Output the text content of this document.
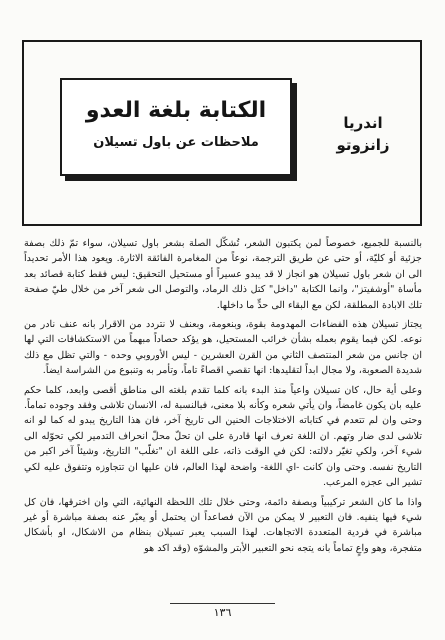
اندريا
زانزوتو
الكتابة بلغة العدو
ملاحظات عن باول تسيلان

بالنسبة للجميع، خصوصاً لمن يكتبون الشعر، تُشكّل الصلة بشعر باول تسيلان، سواء تمّ ذلك بصفة جزئية أو كليّة، أو حتى عن طريق الترجمة، نوعاً من المغامرة الفائقة الاثارة. ويعود هذا الأمر تحديداً الى ان شعر باول تسيلان هو انجاز لا قد يبدو عسيراً أو مستحيل التحقيق: ليس فقط كتابة قصائد بعد مأساة "أوشفيتز"، وانما الكتابة "داخل" كتل ذلك الرماد، والتوصل الى شعر آخر من خلال طيّ صفحة تلك الابادة المطلقة، لكن مع البقاء الى حدٍّ ما داخلها.

يجتاز تسيلان هذه الفضاءات المهدومة بقوة، وبنعومة، وبعنف لا نتردد من الاقرار بانه عنف نادر من نوعه. لكن فيما يقوم بعمله بشأن خرائب المستحيل، هو يؤكد حصاداً مبهماً من الاستكشافات التي لها ان جانس من شعر المنتصف الثاني من القرن العشرين - ليس الأوروبي وحده - والتي تظل مع ذلك شديدة الصعوبة، ولا مجال ابداً لتقليدها: انها تقصي اقصاءً تاماً، وتأمر به وتنبوع من الشراسة ايضاً.

وعلى أية حال، كان تسيلان واعياً منذ البدء بانه كلما تقدم بلغته الى مناطق أقصى وابعد، كلما حكم عليه بان يكون غامضاً، وان يأتي شعره وكأنه بلا معنى، فبالنسبة له، الانسان تلاشى وفقد وجوده تماماً. وحتى وان لم تتعدم في كتاباته الاختلاجات الحنين الى تاريخ آخر، فان هذا التاريخ يبدو له كما لو انه تلاشى لدى ضار وتهم. ان اللغة تعرف انها قادرة على ان تحلّ محلّ انحراف التدمير لكي تحوّله الى شيء آخر، ولكي تغيّر دلالته: لكن في الوقت ذاته، على اللغة ان "تغلّب" التاريخ، وشيئاً آخر اكبر من التاريخ نفسه. وحتى وان كانت -اي اللغة- واضحة لهذا العالم، فان عليها ان تتجاوزه وتتفوق عليه لكي تشير الى عجزه المرعب.

واذا ما كان الشعر تركيبياً وبصفة دائمة، وحتى خلال تلك اللحظة النهائية، التي وان اخترقها، فان كل شيء فيها ينفيه. فان التعبير لا يمكن من الآن فصاعداً ان يحتمل أو يعبّر عنه بصفة مباشرة أو غير مباشرة في فردية المتعددة الاتجاهات. لهذا السبب يعبر تسيلان بنظام من الاشكال، او بأشكال متفجرة، وهو واعٍ تماماً بانه يتجه نحو التعبير الأبتر والمشوّه (وقد اكد هو

١٣٦
